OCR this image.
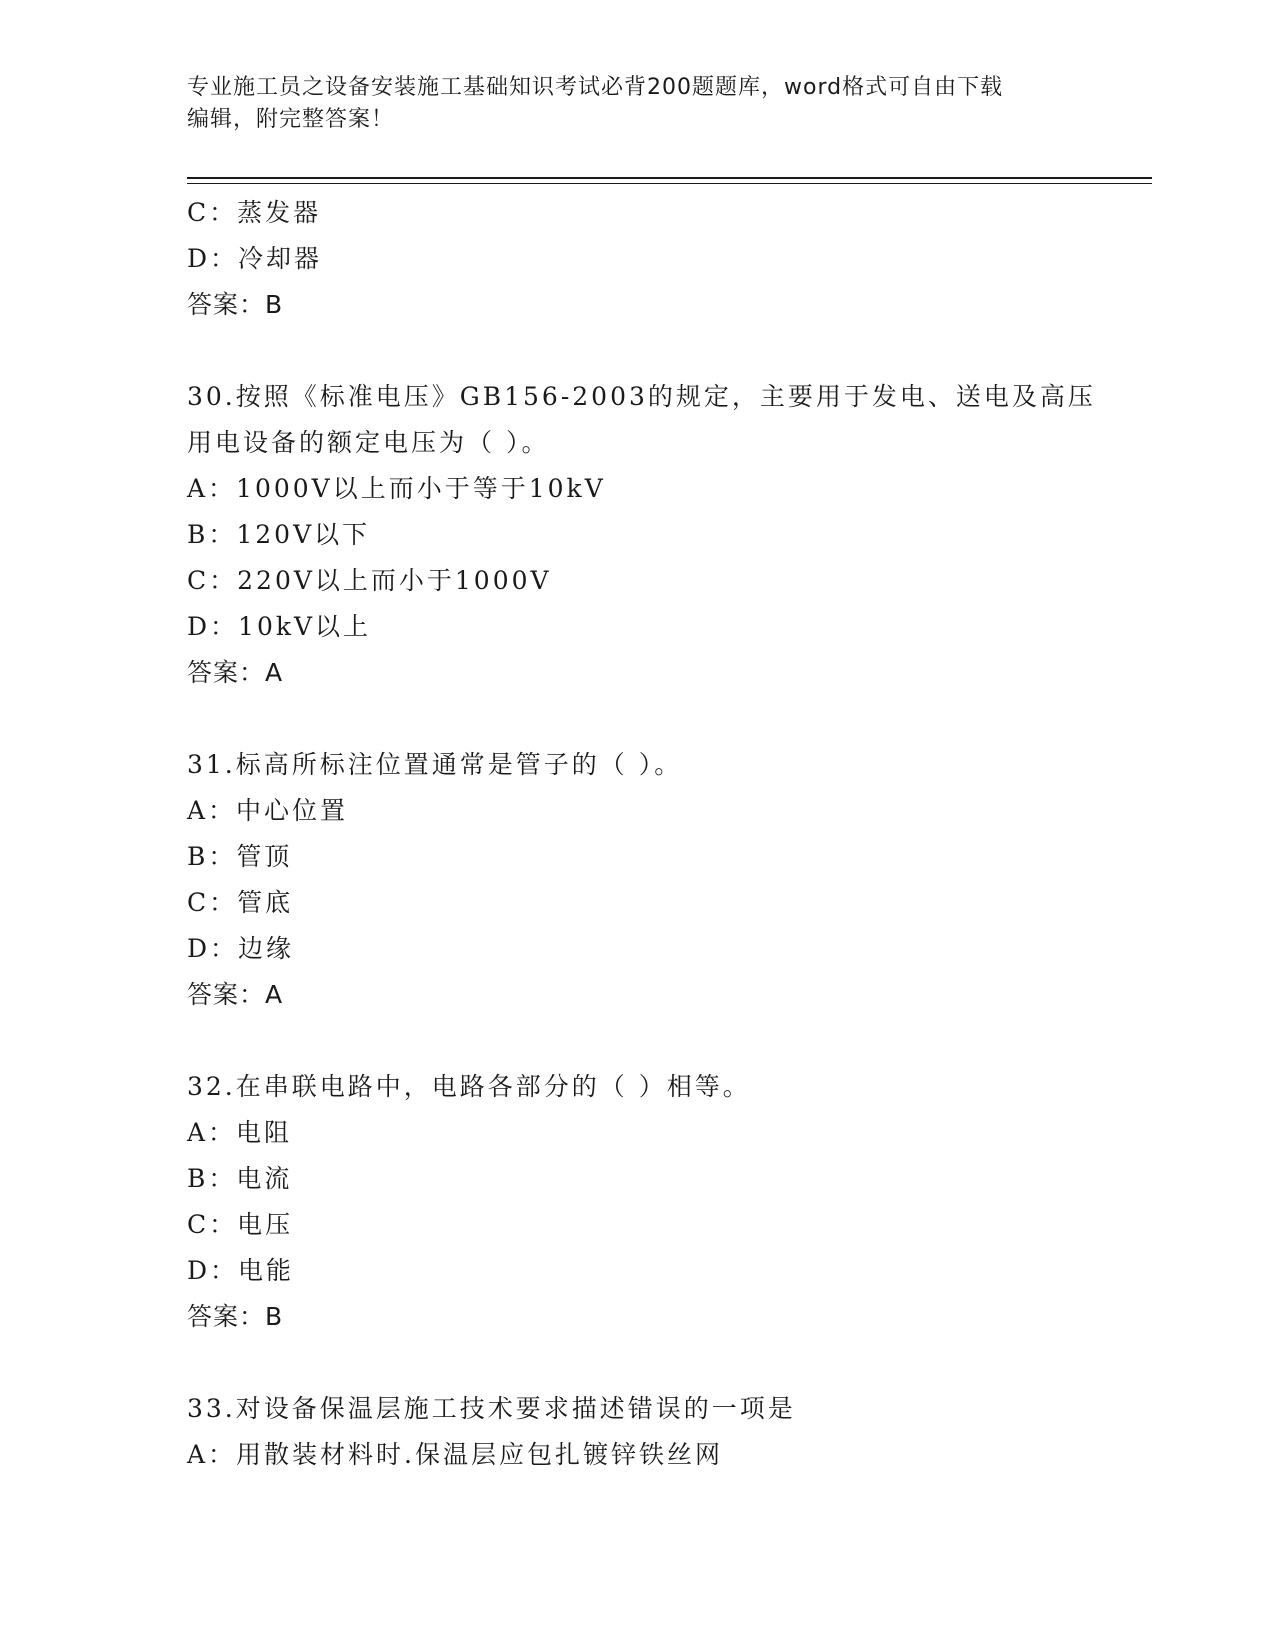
专业施工员之设备安装施工基础知识考试必背200题题库，word格式可自由下载
编辑，附完整答案！
C：蒸发器
D：冷却器
答案：B
30.按照《标准电压》GB156-2003的规定，主要用于发电、送电及高压
用电设备的额定电压为（ ）。
A：1000V以上而小于等于10kV
B：120V以下
C：220V以上而小于1000V
D：10kV以上
答案：A
31.标高所标注位置通常是管子的（ ）。
A：中心位置
B：管顶
C：管底
D：边缘
答案：A
32.在串联电路中，电路各部分的（ ）相等。
A：电阻
B：电流
C：电压
D：电能
答案：B
33.对设备保温层施工技术要求描述错误的一项是
A：用散装材料时.保温层应包扎镀锌铁丝网
